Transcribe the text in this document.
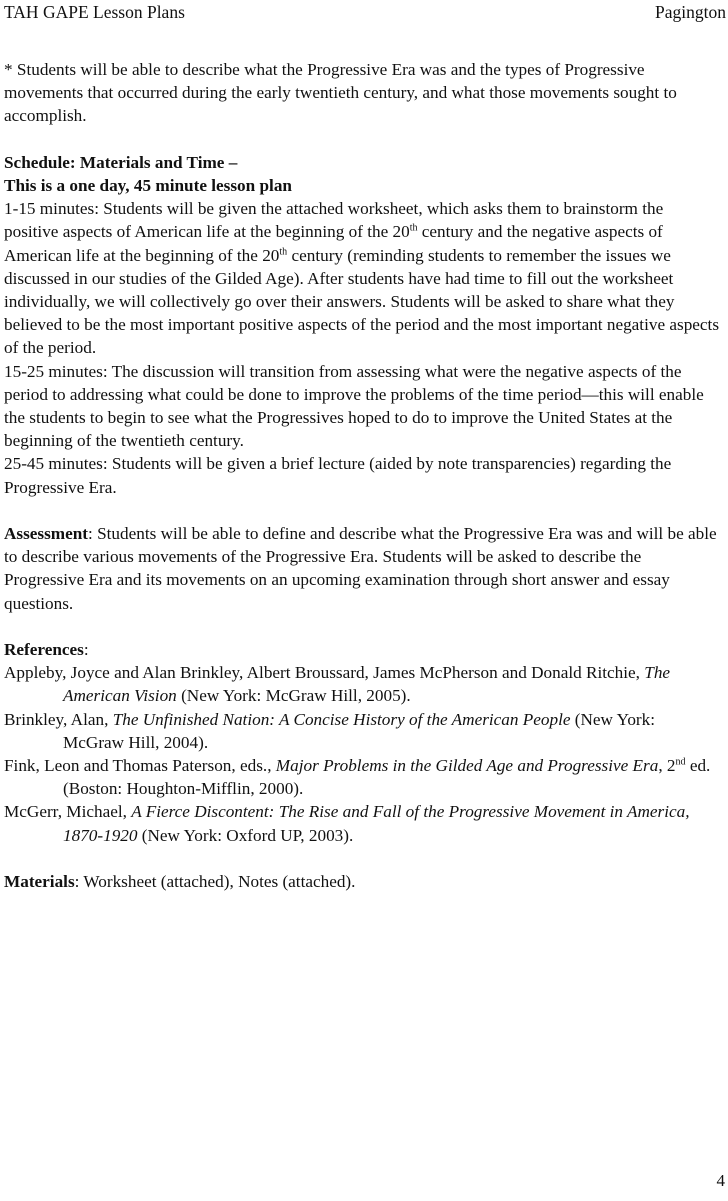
TAH GAPE Lesson Plans	Pagington

* Students will be able to describe what the Progressive Era was and the types of Progressive movements that occurred during the early twentieth century, and what those movements sought to accomplish.

Schedule: Materials and Time –

This is a one day, 45 minute lesson plan

1-15 minutes: Students will be given the attached worksheet, which asks them to brainstorm the positive aspects of American life at the beginning of the 20th century and the negative aspects of American life at the beginning of the 20th century (reminding students to remember the issues we discussed in our studies of the Gilded Age). After students have had time to fill out the worksheet individually, we will collectively go over their answers. Students will be asked to share what they believed to be the most important positive aspects of the period and the most important negative aspects of the period.

15-25 minutes: The discussion will transition from assessing what were the negative aspects of the period to addressing what could be done to improve the problems of the time period—this will enable the students to begin to see what the Progressives hoped to do to improve the United States at the beginning of the twentieth century.

25-45 minutes: Students will be given a brief lecture (aided by note transparencies) regarding the Progressive Era.

Assessment: Students will be able to define and describe what the Progressive Era was and will be able to describe various movements of the Progressive Era. Students will be asked to describe the Progressive Era and its movements on an upcoming examination through short answer and essay questions.

References:

Appleby, Joyce and Alan Brinkley, Albert Broussard, James McPherson and Donald Ritchie, The American Vision (New York: McGraw Hill, 2005).

Brinkley, Alan, The Unfinished Nation: A Concise History of the American People (New York: McGraw Hill, 2004).

Fink, Leon and Thomas Paterson, eds., Major Problems in the Gilded Age and Progressive Era, 2nd ed. (Boston: Houghton-Mifflin, 2000).

McGerr, Michael, A Fierce Discontent: The Rise and Fall of the Progressive Movement in America, 1870-1920 (New York: Oxford UP, 2003).

Materials: Worksheet (attached), Notes (attached).

4
